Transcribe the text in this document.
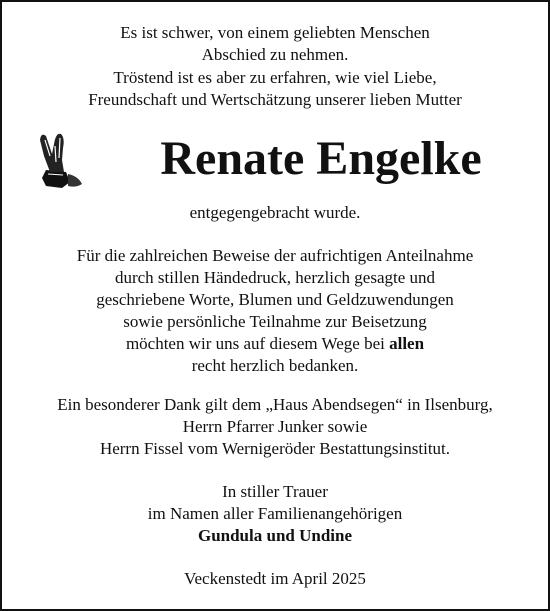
Es ist schwer, von einem geliebten Menschen
Abschied zu nehmen.
Tröstend ist es aber zu erfahren, wie viel Liebe,
Freundschaft und Wertschätzung unserer lieben Mutter
Renate Engelke
entgegengebracht wurde.
Für die zahlreichen Beweise der aufrichtigen Anteilnahme
durch stillen Händedruck, herzlich gesagte und
geschriebene Worte, Blumen und Geldzuwendungen
sowie persönliche Teilnahme zur Beisetzung
möchten wir uns auf diesem Wege bei allen
recht herzlich bedanken.
Ein besonderer Dank gilt dem „Haus Abendsegen“ in Ilsenburg,
Herrn Pfarrer Junker sowie
Herrn Fissel vom Wernigeröder Bestattungsinstitut.
In stiller Trauer
im Namen aller Familienangehörigen
Gundula und Undine
Veckenstedt im April 2025
